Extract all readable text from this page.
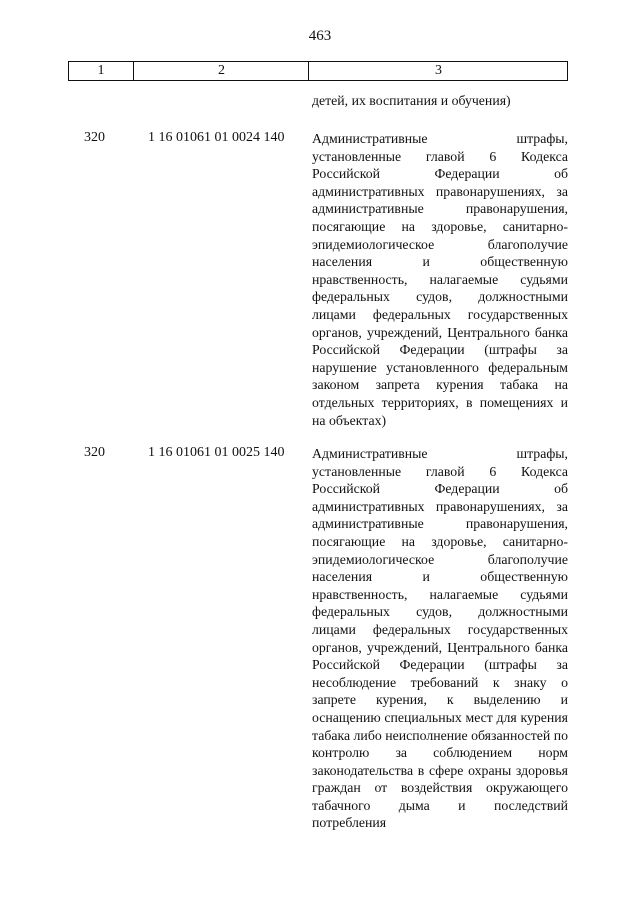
463
1	2	3
детей, их воспитания и обучения)
320	1 16 01061 01 0024 140 Административные штрафы, установленные главой 6 Кодекса Российской Федерации об административных правонарушениях, за административные правонарушения, посягающие на здоровье, санитарно-эпидемиологическое благополучие населения и общественную нравственность, налагаемые судьями федеральных судов, должностными лицами федеральных государственных органов, учреждений, Центрального банка Российской Федерации (штрафы за нарушение установленного федеральным законом запрета курения табака на отдельных территориях, в помещениях и на объектах)
320	1 16 01061 01 0025 140 Административные штрафы, установленные главой 6 Кодекса Российской Федерации об административных правонарушениях, за административные правонарушения, посягающие на здоровье, санитарно-эпидемиологическое благополучие населения и общественную нравственность, налагаемые судьями федеральных судов, должностными лицами федеральных государственных органов, учреждений, Центрального банка Российской Федерации (штрафы за несоблюдение требований к знаку о запрете курения, к выделению и оснащению специальных мест для курения табака либо неисполнение обязанностей по контролю за соблюдением норм законодательства в сфере охраны здоровья граждан от воздействия окружающего табачного дыма и последствий потребления
